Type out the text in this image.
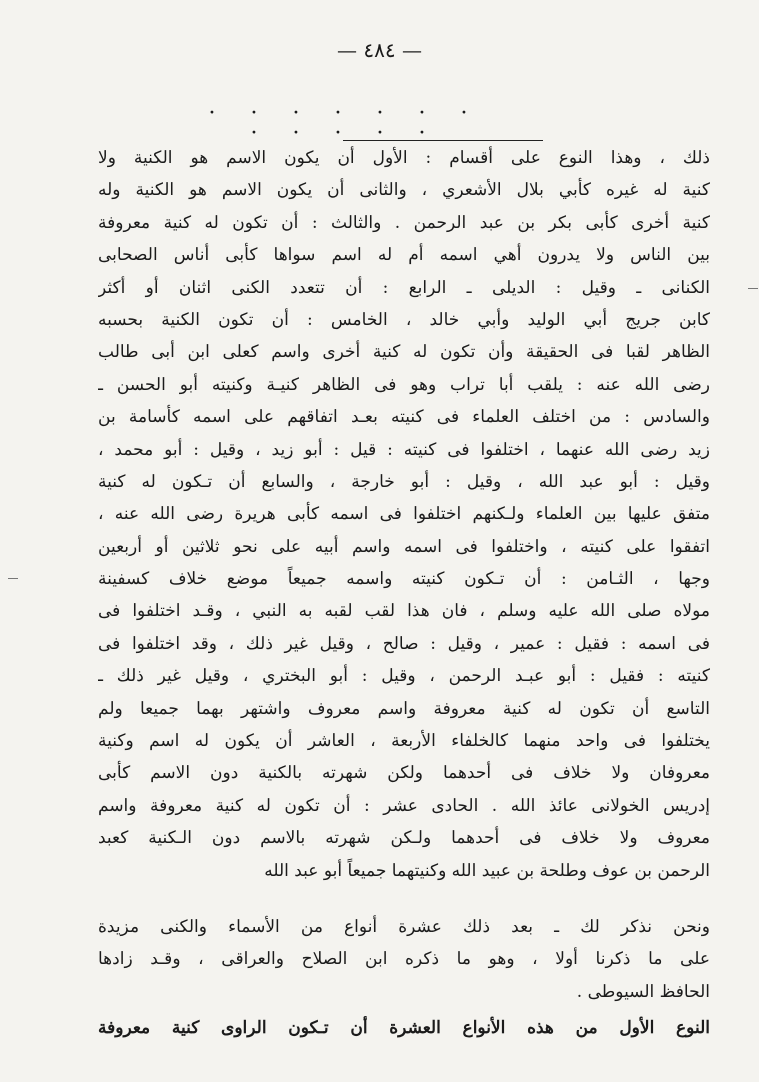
— ٤٨٤ —
· · · · · · · · · · · ·
ذلك ، وهذا النوع على أقسام : الأول أن يكون الاسم هو الكنية ولا
كنية له غيره كأبي بلال الأشعري ، والثانى أن يكون الاسم هو الكنية وله
كنية أخرى كأبى بكر بن عبد الرحمن . والثالث : أن تكون له كنية معروفة
بين الناس ولا يدرون أهي اسمه أم له اسم سواها كأبى أناس الصحابى
الكنانى ـ وقيل : الديلى ـ الرابع : أن تتعدد الكنى اثنان أو أكثر
كابن جريج أبي الوليد وأبي خالد ، الخامس : أن تكون الكنية بحسبه
الظاهر لقبا فى الحقيقة وأن تكون له كنية أخرى واسم كعلى ابن أبى طالب
رضى الله عنه : يلقب أبا تراب وهو فى الظاهر كنيـة وكنيته أبو الحسن ـ
والسادس : من اختلف العلماء فى كنيته بعـد اتفاقهم على اسمه كأسامة بن
زيد رضى الله عنهما ، اختلفوا فى كنيته : قيل : أبو زيد ، وقيل : أبو محمد ،
وقيل : أبو عبد الله ، وقيل : أبو خارجة ، والسابع أن تـكون له كنية
متفق عليها بين العلماء ولـكنهم اختلفوا فى اسمه كأبى هريرة رضى الله عنه ،
اتفقوا على كنيته ، واختلفوا فى اسمه واسم أبيه على نحو ثلاثين أو أربعين
وجها ، الثـامن : أن تـكون كنيته واسمه جميعاً موضع خلاف كسفينة
مولاه صلى الله عليه وسلم ، فان هذا لقب لقبه به النبي ، وقـد اختلفوا فى
فى اسمه : فقيل : عمير ، وقيل : صالح ، وقيل غير ذلك ، وقد اختلفوا فى
كنيته : فقيل : أبو عبـد الرحمن ، وقيل : أبو البختري ، وقيل غير ذلك ـ
التاسع أن تكون له كنية معروفة واسم معروف واشتهر بهما جميعا ولم
يختلفوا فى واحد منهما كالخلفاء الأربعة ، العاشر أن يكون له اسم وكنية
معروفان ولا خلاف فى أحدهما ولكن شهرته بالكنية دون الاسم كأبى
إدريس الخولانى عائذ الله . الحادى عشر : أن تكون له كنية معروفة واسم
معروف ولا خلاف فى أحدهما ولـكن شهرته بالاسم دون الـكنية كعبد
الرحمن بن عوف وطلحة بن عبيد الله وكنيتهما جميعاً أبو عبد الله
ونحن نذكر لك ـ بعد ذلك عشرة أنواع من الأسماء والكنى مزيدة
على ما ذكرنا أولا ، وهو ما ذكره ابن الصلاح والعراقى ، وقـد زادها
الحافظ السيوطى .
النوع الأول من هذه الأنواع العشرة أن تـكون الراوى كنية معروفة
